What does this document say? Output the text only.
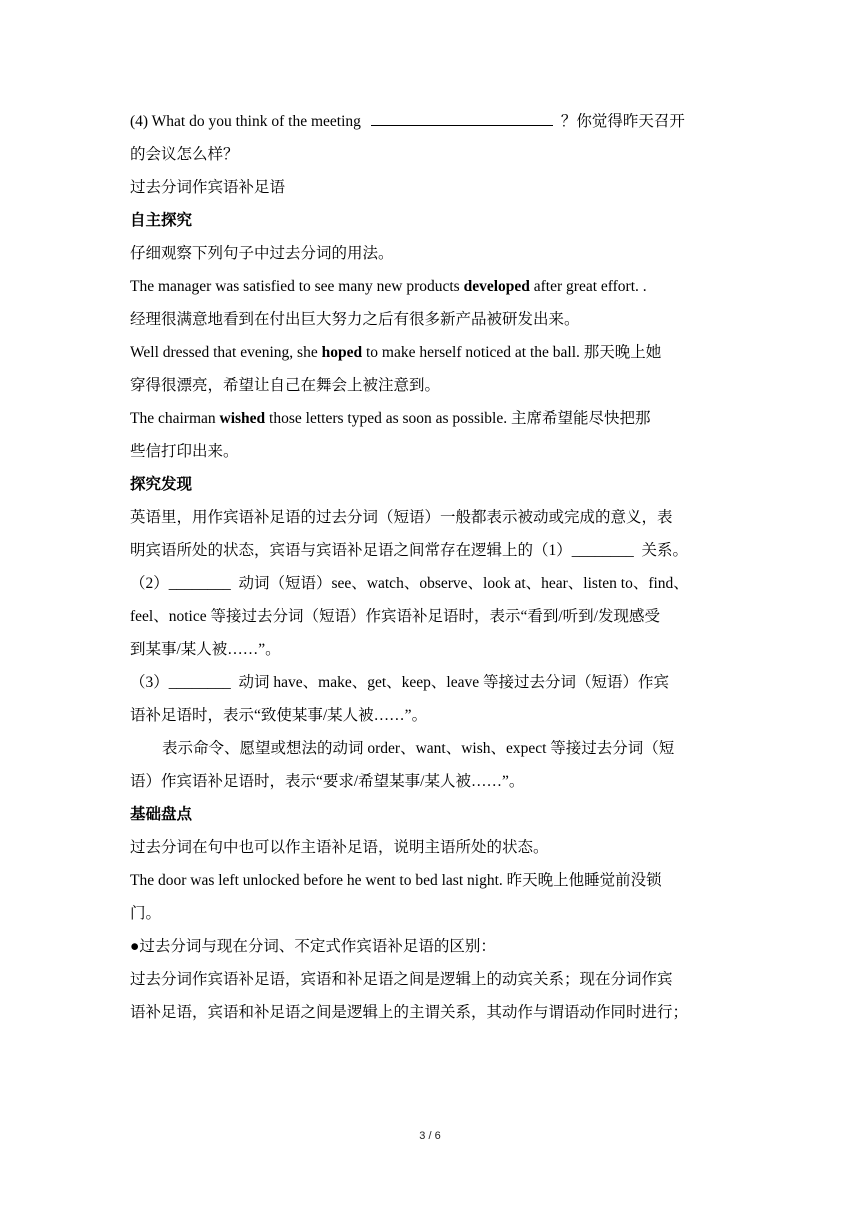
(4) What do you think of the meeting	？你觉得昨天召开
的会议怎么样？
过去分词作宾语补足语
自主探究
仔细观察下列句子中过去分词的用法。
The manager was satisfied to see many new products developed after great effort. .
经理很满意地看到在付出巨大努力之后有很多新产品被研发出来。
Well dressed that evening, she hoped to make herself noticed at the ball. 那天晚上她
穿得很漂亮，希望让自己在舞会上被注意到。
The chairman wished those letters typed as soon as possible. 主席希望能尽快把那
些信打印出来。
探究发现
英语里，用作宾语补足语的过去分词（短语）一般都表示被动或完成的意义，表
明宾语所处的状态，宾语与宾语补足语之间常存在逻辑上的（1）________ 关系。
（2）________ 动词（短语）see、watch、observe、look at、hear、listen to、find、
feel、notice 等接过去分词（短语）作宾语补足语时，表示“看到/听到/发现感受
到某事/某人被……”。
（3）________ 动词 have、make、get、keep、leave 等接过去分词（短语）作宾
语补足语时，表示“致使某事/某人被……”。
表示命令、愿望或想法的动词 order、want、wish、expect 等接过去分词（短
语）作宾语补足语时，表示“要求/希望某事/某人被……”。
基础盘点
过去分词在句中也可以作主语补足语，说明主语所处的状态。
The door was left unlocked before he went to bed last night. 昨天晚上他睡觉前没锁
门。
●过去分词与现在分词、不定式作宾语补足语的区别：
过去分词作宾语补足语，宾语和补足语之间是逻辑上的动宾关系；现在分词作宾
语补足语，宾语和补足语之间是逻辑上的主谓关系，其动作与谓语动作同时进行；
3 / 6
